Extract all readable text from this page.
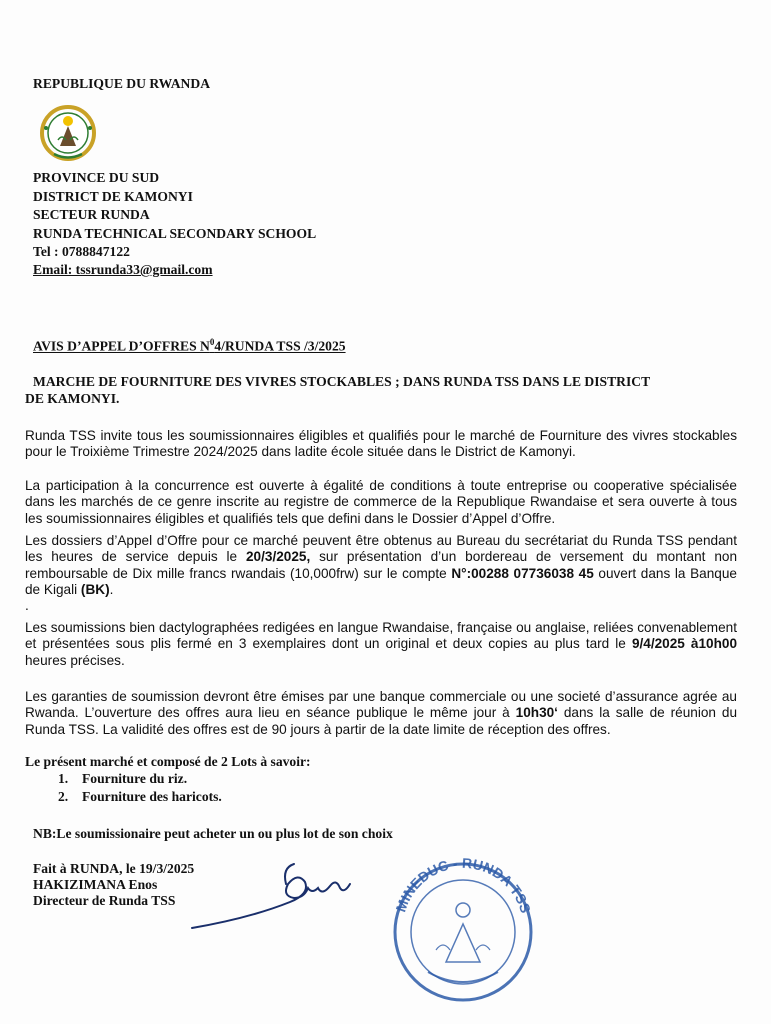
REPUBLIQUE DU RWANDA
PROVINCE DU SUD
DISTRICT DE KAMONYI
SECTEUR RUNDA
RUNDA TECHNICAL SECONDARY SCHOOL
Tel : 0788847122
Email: tssrunda33@gmail.com
AVIS D’APPEL D’OFFRES $N^04$/RUNDA TSS /3/2025
MARCHE DE FOURNITURE DES VIVRES STOCKABLES ; DANS RUNDA TSS DANS LE DISTRICT
DE KAMONYI.
Runda TSS invite tous les soumissionnaires éligibles et qualifiés pour le marché de Fourniture des vivres stockables pour le Troixième Trimestre 2024/2025 dans ladite école située dans le District de Kamonyi.
La participation à la concurrence est ouverte à égalité de conditions à toute entreprise ou cooperative spécialisée dans les marchés de ce genre inscrite au registre de commerce de la Republique Rwandaise et sera ouverte à tous les soumissionnaires éligibles et qualifiés tels que defini dans le Dossier d’Appel d’Offre.
Les dossiers d’Appel d’Offre pour ce marché peuvent être obtenus au Bureau du secrétariat du Runda TSS pendant les heures de service depuis le 20/3/2025, sur présentation d’un bordereau de versement du montant non remboursable de Dix mille francs rwandais (10,000frw) sur le compte N°:00288 07736038 45 ouvert dans la Banque de Kigali (BK).
.
Les soumissions bien dactylographées redigées en langue Rwandaise, française ou anglaise, reliées convenablement et présentées sous plis fermé en 3 exemplaires dont un original et deux copies au plus tard le 9/4/2025 à10h00 heures précises.
Les garanties de soumission devront être émises par une banque commerciale ou une societé d’assurance agrée au Rwanda. L’ouverture des offres aura lieu en séance publique le même jour à 10h30‘ dans la salle de réunion du Runda TSS. La validité des offres est de 90 jours à partir de la date limite de réception des offres.
Le présent marché et composé de 2 Lots à savoir:
1. Fourniture du riz.
2. Fourniture des haricots.
NB:Le soumissionaire peut acheter un ou plus lot de son choix
Fait à RUNDA, le 19/3/2025
HAKIZIMANA Enos
Directeur de Runda TSS	MINEDUC - RUNDA TSS
